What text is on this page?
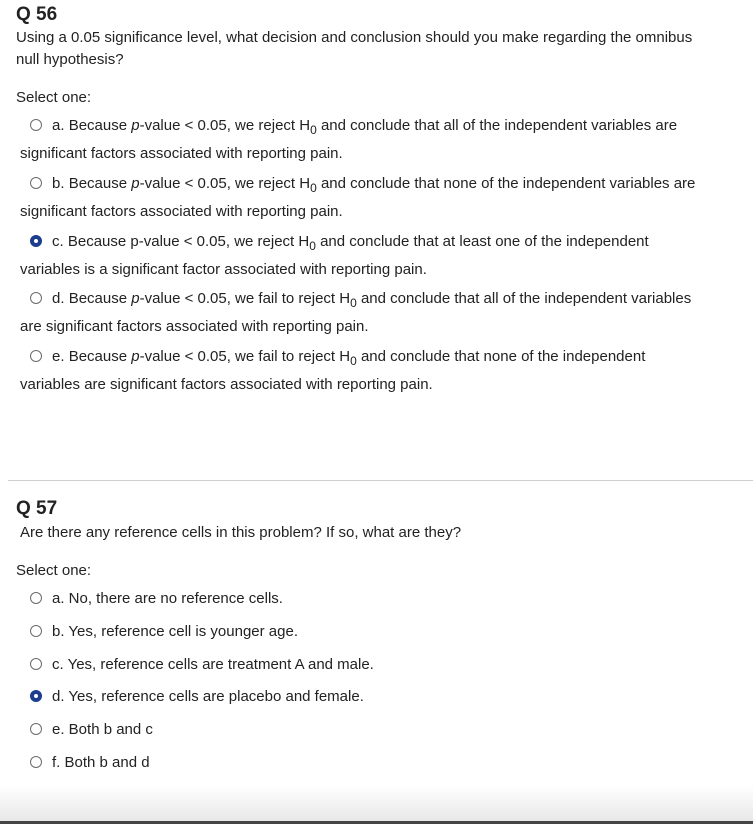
Q 56
Using a 0.05 significance level, what decision and conclusion should you make regarding the omnibus null hypothesis?
Select one:
a. Because p-value < 0.05, we reject $H_0$ and conclude that all of the independent variables are significant factors associated with reporting pain.
b. Because p-value < 0.05, we reject $H_0$ and conclude that none of the independent variables are significant factors associated with reporting pain.
c. Because p-value < 0.05, we reject $H_0$ and conclude that at least one of the independent variables is a significant factor associated with reporting pain.
d. Because p-value < 0.05, we fail to reject $H_0$ and conclude that all of the independent variables are significant factors associated with reporting pain.
e. Because p-value < 0.05, we fail to reject $H_0$ and conclude that none of the independent variables are significant factors associated with reporting pain.
Q 57
Are there any reference cells in this problem? If so, what are they?
Select one:
a. No, there are no reference cells.
b. Yes, reference cell is younger age.
c. Yes, reference cells are treatment A and male.
d. Yes, reference cells are placebo and female.
e. Both b and c
f. Both b and d
